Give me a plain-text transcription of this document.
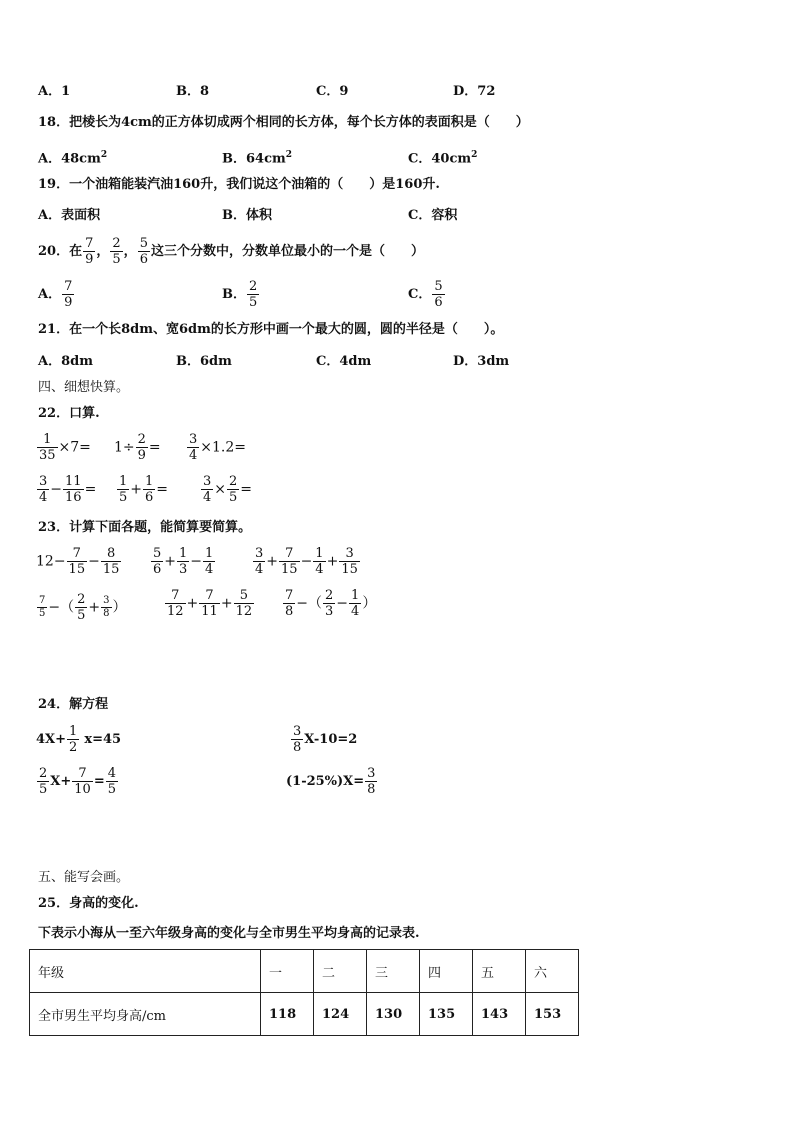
A．1	B．8	C．9	D．72
18．把棱长为4cm的正方体切成两个相同的长方体，每个长方体的表面积是（　　）
A．$48cm^2$	B．$64cm^2$	C．$40cm^2$
19．一个油箱能装汽油160升，我们说这个油箱的（　　）是160升.
A．表面积	B．体积	C．容积
20．在 $\frac{7}{9}$ ， $\frac{2}{5}$ ， $\frac{5}{6}$ 这三个分数中，分数单位最小的一个是（　　）
A． $\frac{7}{9}$	B． $\frac{2}{5}$	C． $\frac{5}{6}$
21．在一个长8dm、宽6dm的长方形中画一个最大的圆，圆的半径是（　　）。
A．8dm	B．6dm	C．4dm	D．3dm
四、细想快算。
22．口算.
$\frac{1}{35} \times 7= 1\div \frac{2}{9} = \frac{3}{4} \times 1.2=$
$\frac{3}{4} - \frac{11}{16} = \frac{1}{5} + \frac{1}{6}$ =	$\frac{3}{4} \times \frac{2}{5}$ =
23．计算下面各题，能简算要简算。
$12- \frac{7}{15} - \frac{8}{15} \frac{5}{6} + \frac{1}{3} - \frac{1}{4}$	$\frac{3}{4} + \frac{7}{15} - \frac{1}{4} + \frac{3}{15}$
$\frac{7}{5}$ −（ $\frac{2}{5} + \frac{3}{8}$ ）	$\frac{7}{12} + \frac{7}{11} + \frac{5}{12} \frac{7}{8}$ −（ $\frac{2}{3} - \frac{1}{4}$ ）
24．解方程
$4X+ \frac{1}{2} x=45$	$\frac{3}{8} X-10=2$
$\frac{2}{5} X+ \frac{7}{10} = \frac{4}{5}$	$(1-25\%)X= \frac{3}{8}$
五、能写会画。
25．身高的变化.
下表示小海从一至六年级身高的变化与全市男生平均身高的记录表.
年级	一	二	三	四	五	六
全市男生平均身高/cm	118	124	130	135	143	153
